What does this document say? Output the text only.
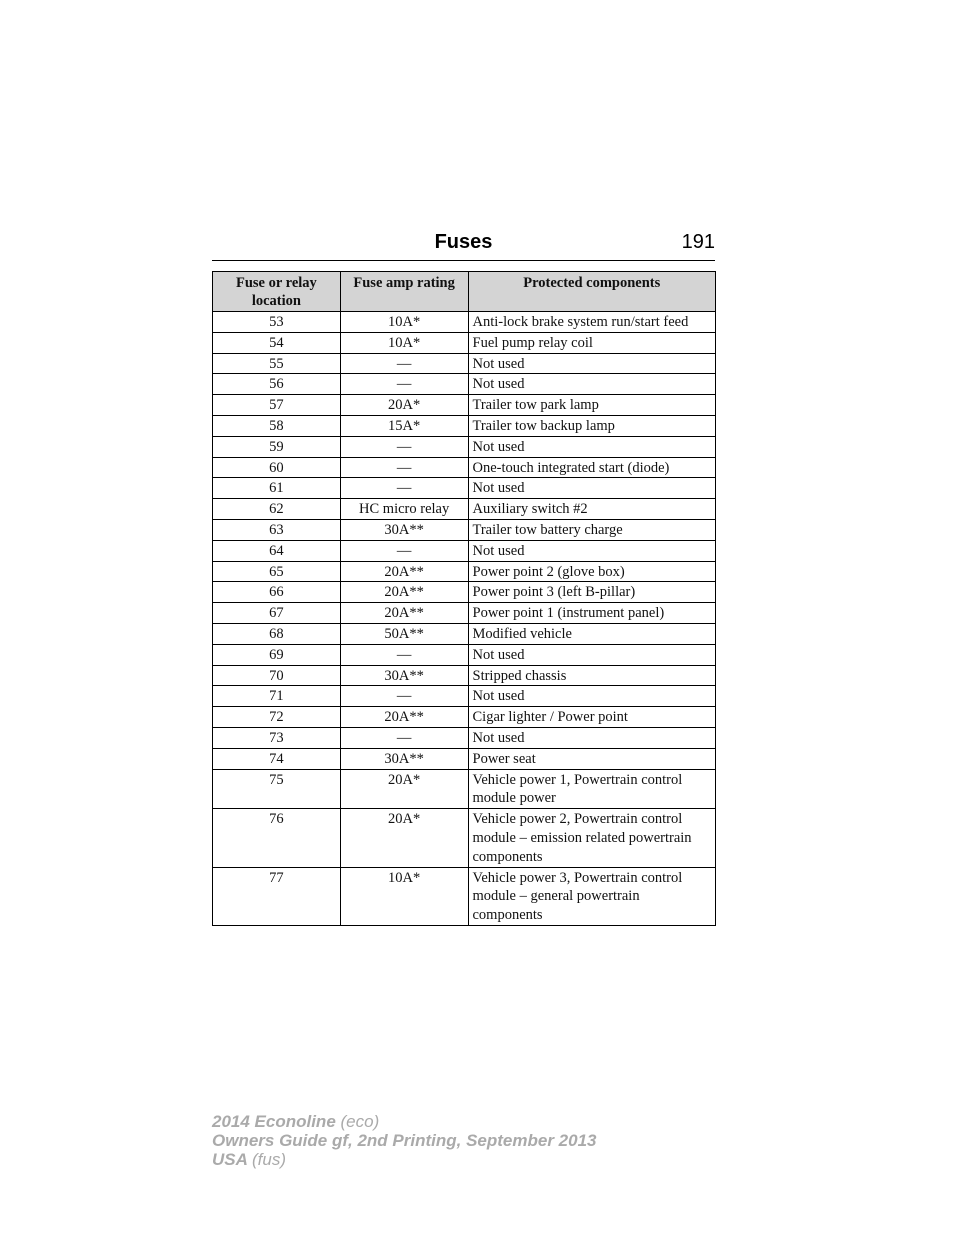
Fuses	191
Fuse or relay location	Fuse amp rating	Protected components
53	10A*	Anti-lock brake system run/start feed
54	10A*	Fuel pump relay coil
55	—	Not used
56	—	Not used
57	20A*	Trailer tow park lamp
58	15A*	Trailer tow backup lamp
59	—	Not used
60	—	One-touch integrated start (diode)
61	—	Not used
62	HC micro relay	Auxiliary switch #2
63	30A**	Trailer tow battery charge
64	—	Not used
65	20A**	Power point 2 (glove box)
66	20A**	Power point 3 (left B-pillar)
67	20A**	Power point 1 (instrument panel)
68	50A**	Modified vehicle
69	—	Not used
70	30A**	Stripped chassis
71	—	Not used
72	20A**	Cigar lighter / Power point
73	—	Not used
74	30A**	Power seat
75	20A*	Vehicle power 1, Powertrain control module power
76	20A*	Vehicle power 2, Powertrain control module – emission related powertrain components
77	10A*	Vehicle power 3, Powertrain control module – general powertrain components
2014 Econoline (eco)
Owners Guide gf, 2nd Printing, September 2013
USA (fus)
